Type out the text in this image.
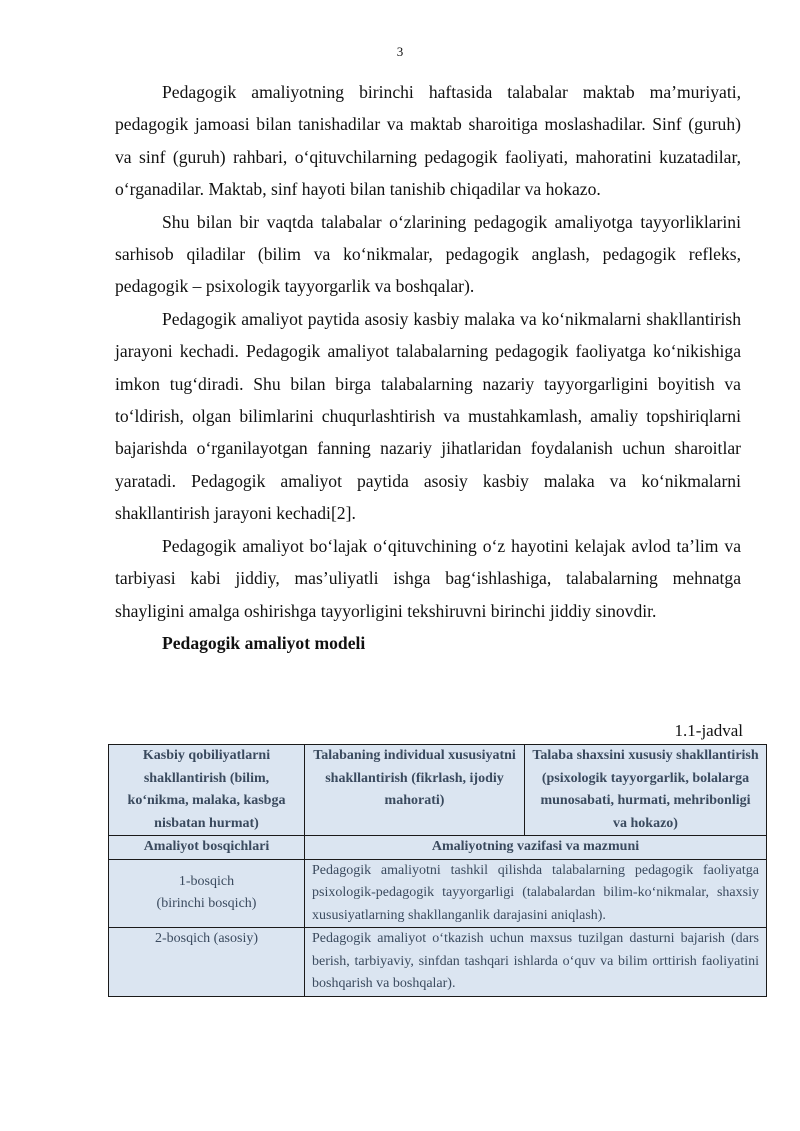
3

Pedagogik amaliyotning birinchi haftasida talabalar maktab ma’muriyati, pedagogik jamoasi bilan tanishadilar va maktab sharoitiga moslashadilar. Sinf (guruh) va sinf (guruh) rahbari, o‘qituvchilarning pedagogik faoliyati, mahoratini kuzatadilar, o‘rganadilar. Maktab, sinf hayoti bilan tanishib chiqadilar va hokazo.

Shu bilan bir vaqtda talabalar o‘zlarining pedagogik amaliyotga tayyorliklarini sarhisob qiladilar (bilim va ko‘nikmalar, pedagogik anglash, pedagogik refleks, pedagogik – psixologik tayyorgarlik va boshqalar).

Pedagogik amaliyot paytida asosiy kasbiy malaka va ko‘nikmalarni shakllantirish jarayoni kechadi. Pedagogik amaliyot talabalarning pedagogik faoliyatga ko‘nikishiga imkon tug‘diradi. Shu bilan birga talabalarning nazariy tayyorgarligini boyitish va to‘ldirish, olgan bilimlarini chuqurlashtirish va mustahkamlash, amaliy topshiriqlarni bajarishda o‘rganilayotgan fanning nazariy jihatlaridan foydalanish uchun sharoitlar yaratadi. Pedagogik amaliyot paytida asosiy kasbiy malaka va ko‘nikmalarni shakllantirish jarayoni kechadi[2].

Pedagogik amaliyot bo‘lajak o‘qituvchining o‘z hayotini kelajak avlod ta’lim va tarbiyasi kabi jiddiy, mas’uliyatli ishga bag‘ishlashiga, talabalarning mehnatga shayligini amalga oshirishga tayyorligini tekshiruvni birinchi jiddiy sinovdir.

Pedagogik amaliyot modeli

1.1-jadval
Kasbiy qobiliyatlarni shakllantirish (bilim, ko‘nikma, malaka, kasbga nisbatan hurmat)	Talabaning individual xususiyatni shakllantirish (fikrlash, ijodiy mahorati)	Talaba shaxsini xususiy shakllantirish (psixologik tayyorgarlik, bolalarga munosabati, hurmati, mehribonligi va hokazo)
Amaliyot bosqichlari	Amaliyotning vazifasi va mazmuni	

1-bosqich
(birinchi bosqich)	Pedagogik amaliyotni tashkil qilishda talabalarning pedagogik faoliyatga psixologik-pedagogik tayyorgarligi (talabalardan bilim-ko‘nikmalar, shaxsiy xususiyatlarning shakllanganlik darajasini aniqlash).	

2-bosqich (asosiy)	Pedagogik amaliyot o‘tkazish uchun maxsus tuzilgan dasturni bajarish (dars berish, tarbiyaviy, sinfdan tashqari ishlarda o‘quv va bilim orttirish faoliyatini boshqarish va boshqalar).	
